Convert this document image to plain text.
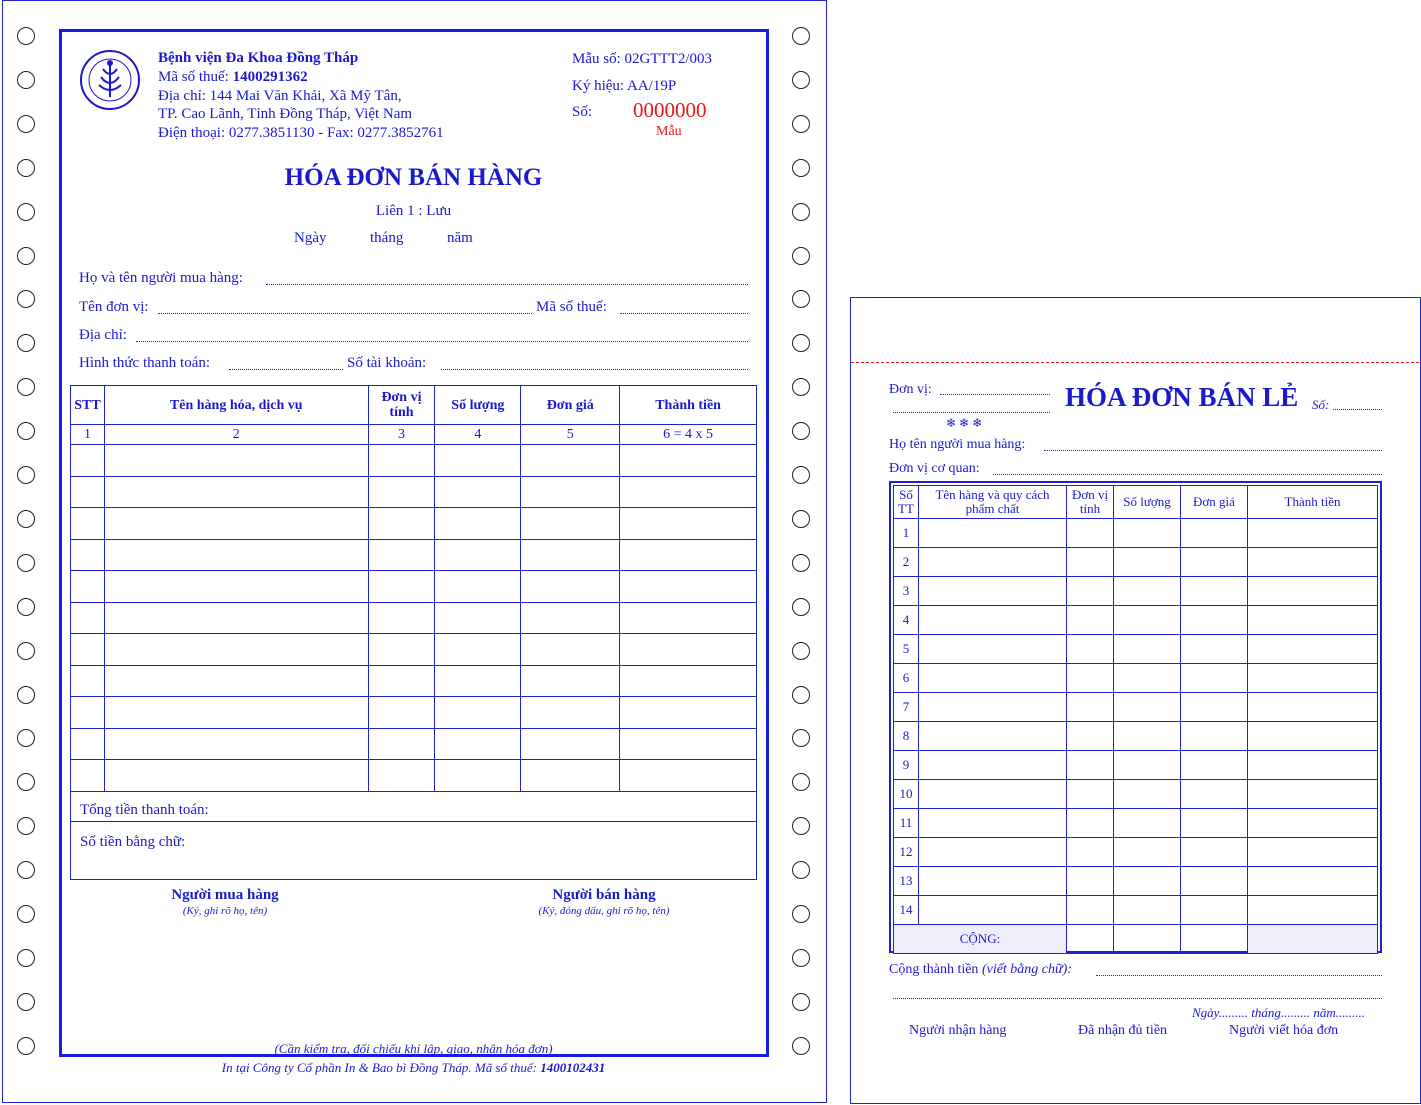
Bệnh viện Đa Khoa Đồng Tháp
Mã số thuế: 1400291362
Địa chỉ: 144 Mai Văn Khải, Xã Mỹ Tân,
TP. Cao Lãnh, Tỉnh Đồng Tháp, Việt Nam
Điện thoại: 0277.3851130 - Fax: 0277.3852761
Mẫu số: 02GTTT2/003
Ký hiệu: AA/19P
Số: 0000000
Mẫu
HÓA ĐƠN BÁN HÀNG
Liên 1 : Lưu
Ngày	tháng	năm
Họ và tên người mua hàng:
Tên đơn vị:	Mã số thuế:
Địa chỉ:
Hình thức thanh toán:	Số tài khoản:
STT	Tên hàng hóa, dịch vụ	Đơn vị tính	Số lượng	Đơn giá	Thành tiền
1	2	3	4	5	6 = 4 x 5

Tổng tiền thanh toán:
Số tiền bằng chữ:
Người mua hàng
(Ký, ghi rõ họ, tên)
Người bán hàng
(Ký, đóng dấu, ghi rõ họ, tên)
(Cần kiểm tra, đối chiếu khi lập, giao, nhận hóa đơn)
In tại Công ty Cổ phần In & Bao bì Đồng Tháp. Mã số thuế: 1400102431
Đơn vị:	HÓA ĐƠN BÁN LẺ Số:
❄ ❄ ❄
Họ tên người mua hàng:
Đơn vị cơ quan:
Số TT	Tên hàng và quy cách phẩm chất	Đơn vị tính	Số lượng	Đơn giá	Thành tiền
1					
2					
3					
4					
5					
6					
7					
8					
9					
10					
11					
12					
13					
14					
CỘNG:					
Cộng thành tiền (viết bằng chữ):
Ngày......... tháng......... năm.........
Người nhận hàng	Đã nhận đủ tiền	Người viết hóa đơn
